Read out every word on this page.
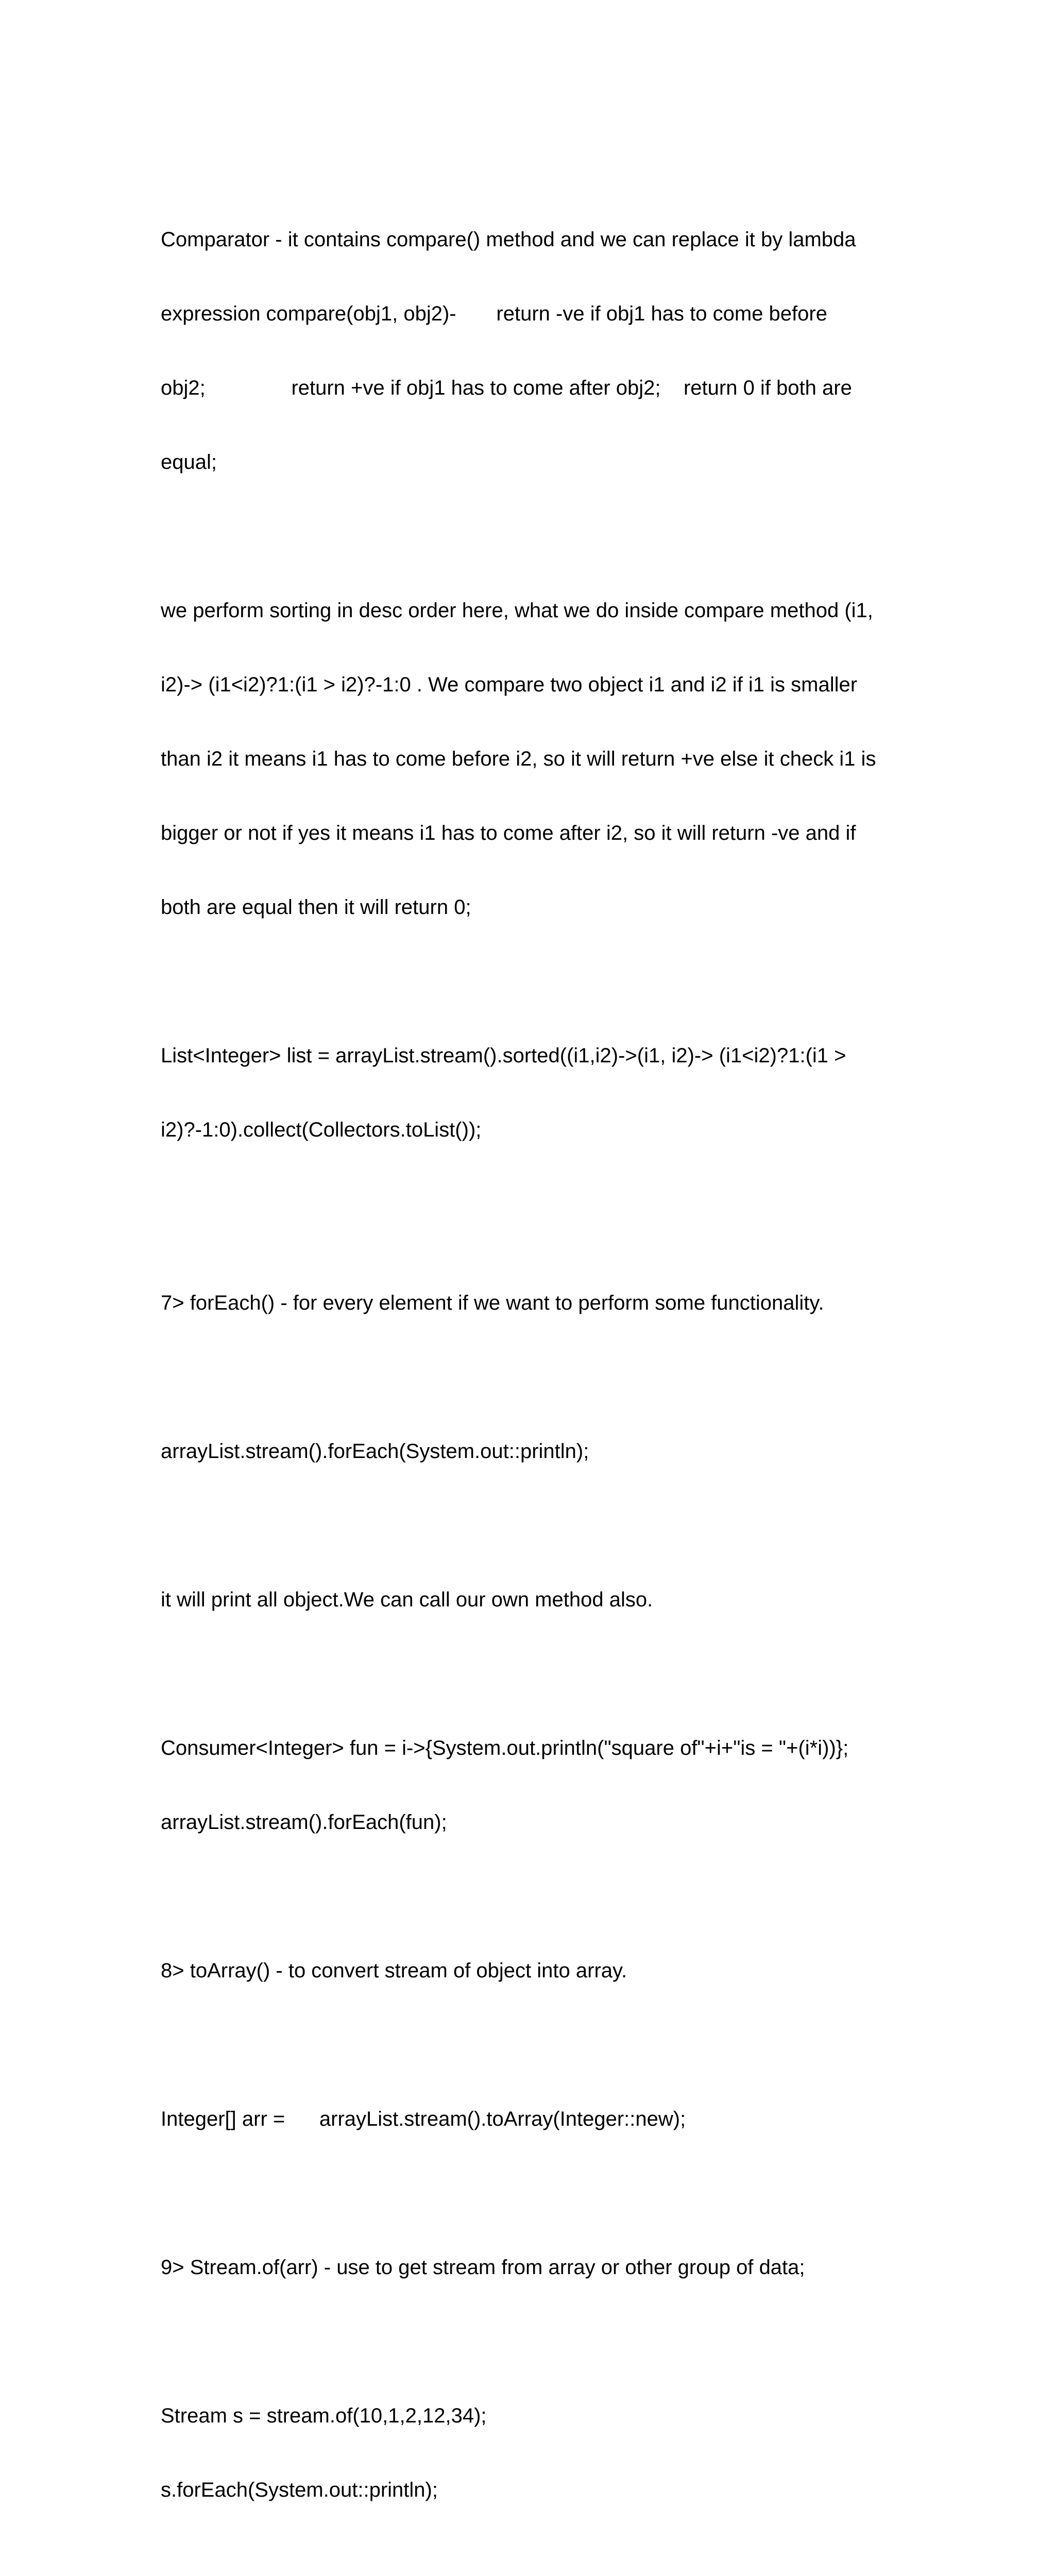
Comparator - it contains compare() method and we can replace it by lambda

expression compare(obj1, obj2)-       return -ve if obj1 has to come before

obj2;               return +ve if obj1 has to come after obj2;    return 0 if both are

equal;

we perform sorting in desc order here, what we do inside compare method (i1,

i2)-> (i1<i2)?1:(i1 > i2)?-1:0 . We compare two object i1 and i2 if i1 is smaller

than i2 it means i1 has to come before i2, so it will return +ve else it check i1 is

bigger or not if yes it means i1 has to come after i2, so it will return -ve and if

both are equal then it will return 0;

List<Integer> list = arrayList.stream().sorted((i1,i2)->(i1, i2)-> (i1<i2)?1:(i1 >

i2)?-1:0).collect(Collectors.toList());

7> forEach() - for every element if we want to perform some functionality.

arrayList.stream().forEach(System.out::println);

it will print all object.We can call our own method also.

Consumer<Integer> fun = i->{System.out.println("square of"+i+"is = "+(i*i))};

arrayList.stream().forEach(fun);

8> toArray() - to convert stream of object into array.

Integer[] arr =      arrayList.stream().toArray(Integer::new);

9> Stream.of(arr) - use to get stream from array or other group of data;

Stream s = stream.of(10,1,2,12,34);

s.forEach(System.out::println);
